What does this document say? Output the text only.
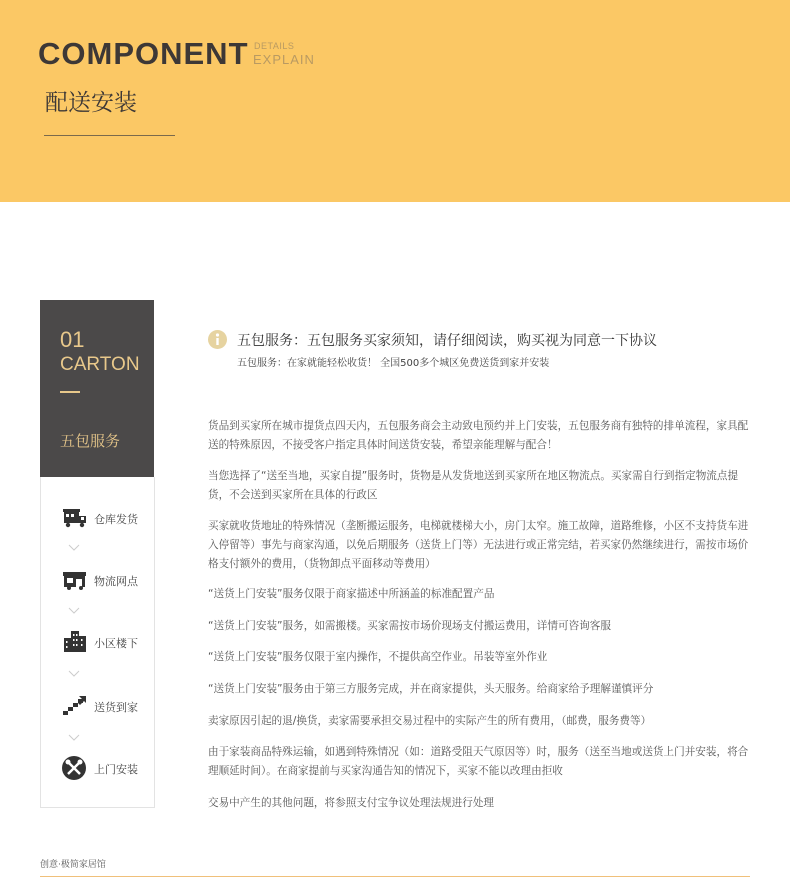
COMPONENT DETAILS
EXPLAIN
配送安装
01
CARTON
五包服务
仓库发货
物流网点
小区楼下
送货到家
上门安装
五包服务：五包服务买家须知，请仔细阅读，购买视为同意一下协议
五包服务：在家就能轻松收货！ 全国500多个城区免费送货到家并安装
货品到买家所在城市提货点四天内，五包服务商会主动致电预约并上门安装，五包服务商有独特的排单流程，家具配送的特殊原因，不接受客户指定具体时间送货安装，希望亲能理解与配合！
当您选择了“送至当地，买家自提”服务时，货物是从发货地送到买家所在地区物流点。买家需自行到指定物流点提货，不会送到买家所在具体的行政区
买家就收货地址的特殊情况（垄断搬运服务，电梯就楼梯大小，房门太窄。施工故障，道路维修，小区不支持货车进入停留等）事先与商家沟通，以免后期服务（送货上门等）无法进行或正常完结，若买家仍然继续进行，需按市场价格支付额外的费用，（货物卸点平面移动等费用）
“送货上门安装”服务仅限于商家描述中所涵盖的标准配置产品
“送货上门安装”服务，如需搬楼。买家需按市场价现场支付搬运费用，详情可咨询客服
“送货上门安装”服务仅限于室内操作，不提供高空作业。吊装等室外作业
“送货上门安装”服务由于第三方服务完成，并在商家提供，头天服务。给商家给予理解谨慎评分
卖家原因引起的退/换货，卖家需要承担交易过程中的实际产生的所有费用，（邮费，服务费等）
由于家装商品特殊运输，如遇到特殊情况（如：道路受阻天气原因等）时，服务（送至当地或送货上门并安装，将合理顺延时间）。在商家提前与买家沟通告知的情况下，买家不能以改理由拒收
交易中产生的其他问题，将参照支付宝争议处理法规进行处理
创意·极简家居馆
